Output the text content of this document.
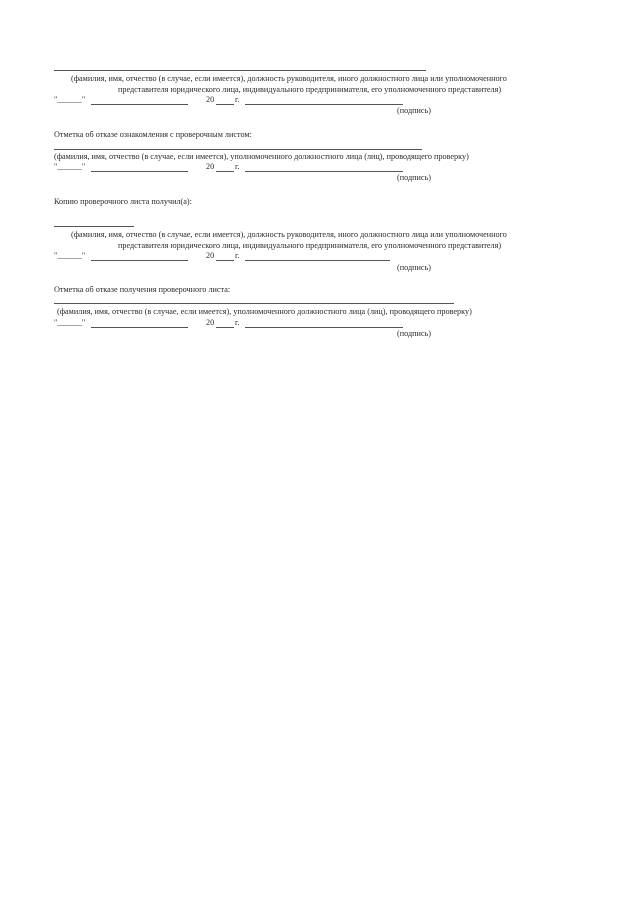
(фамилия, имя, отчество (в случае, если имеется), должность руководителя, иного должностного лица или уполномоченного
представителя юридического лица, индивидуального предпринимателя, его уполномоченного представителя)
"______"	20	г.
(подпись)
Отметка об отказе ознакомления с проверочным листом:
(фамилия, имя, отчество (в случае, если имеется), уполномоченного должностного лица (лиц), проводящего проверку)
"______"	20	г.
(подпись)
Копию проверочного листа получил(а):
(фамилия, имя, отчество (в случае, если имеется), должность руководителя, иного должностного лица или уполномоченного
представителя юридического лица, индивидуального предпринимателя, его уполномоченного представителя)
"______"	20	г.
(подпись)
Отметка об отказе получения проверочного листа:
(фамилия, имя, отчество (в случае, если имеется), уполномоченного должностного лица (лиц), проводящего проверку)
"______"	20	г.
(подпись)
